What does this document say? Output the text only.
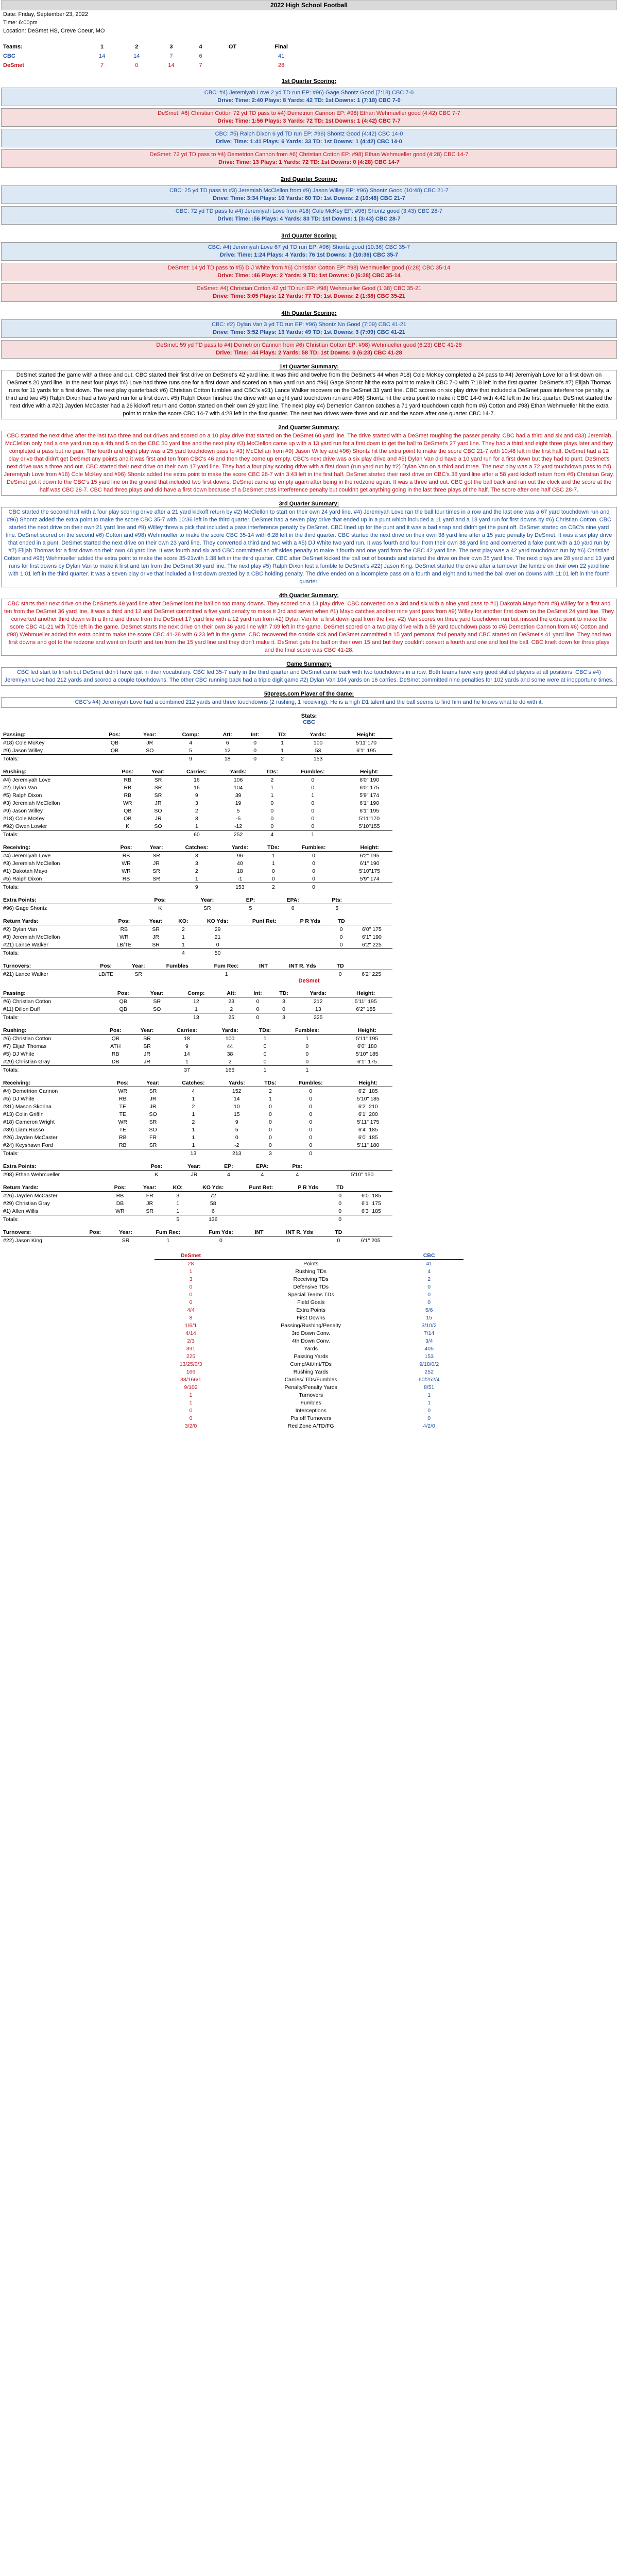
2022 High School Football
Date: Friday, September 23, 2022
Time: 6:00pm
Location: DeSmet HS, Creve Coeur, MO
Teams:	1	2	3	4	OT	Final
CBC	14	14	7	6		41
DeSmet	7	0	14	7		28
1st Quarter Scoring:
CBC: #4) Jeremiyah Love 2 yd TD run EP: #96) Gage Shontz Good (7:18) CBC 7-0
Drive: Time: 2:40 Plays: 8 Yards: 42 TD: 1st Downs: 1 (7:18) CBC 7-0
DeSmet: #6) Christian Cotton 72 yd TD pass to #4) Demetrion Cannon EP: #98) Ethan Wehmueller good (4:42) CBC 7-7
Drive: Time: 1:56 Plays: 3 Yards: 72 TD: 1st Downs: 1 (4:42) CBC 7-7
CBC: #5) Ralph Dixon 6 yd TD run EP: #96) Shontz Good (4:42) CBC 14-0
Drive: Time: 1:41 Plays: 6 Yards: 33 TD: 1st Downs: 1 (4:42) CBC 14-0
DeSmet: 72 yd TD pass to #4) Demetrion Cannon from #6) Christian Cotton EP: #98) Ethan Wehmueller good (4:28) CBC 14-7
Drive: Time: 13 Plays: 1 Yards: 72 TD: 1st Downs: 0 (4:28) CBC 14-7
2nd Quarter Scoring:
CBC: 25 yd TD pass to #3) Jeremiah McClellon from #9) Jason Willey EP: #96) Shontz Good (10:48) CBC 21-7
Drive: Time: 3:34 Plays: 10 Yards: 60 TD: 1st Downs: 2 (10:48) CBC 21-7
CBC: 72 yd TD pass to #4) Jeremiyah Love from #18) Cole McKey EP: #96) Shontz good (3:43) CBC 28-7
Drive: Time: :56 Plays: 4 Yards: 83 TD: 1st Downs: 1 (3:43) CBC 28-7
3rd Quarter Scoring:
CBC: #4) Jeremiyah Love 67 yd TD run EP: #96) Shontz good (10:36) CBC 35-7
Drive: Time: 1:24 Plays: 4 Yards: 76 1st Downs: 3 (10:36) CBC 35-7
DeSmet: 14 yd TD pass to #5) D J White from #6) Christian Cotton EP: #98) Wehmueller good (6:28) CBC 35-14
Drive: Time: :46 Plays: 2 Yards: 9 TD: 1st Downs: 0 (6:28) CBC 35-14
DeSmet: #4) Christian Cotton 42 yd TD run EP: #98) Wehmueller Good (1:38) CBC 35-21
Drive: Time: 3:05 Plays: 12 Yards: 77 TD: 1st Downs: 2 (1:38) CBC 35-21
4th Quarter Scoring:
CBC: #2) Dylan Van 3 yd TD run EP: #96) Shontz No Good (7:09) CBC 41-21
Drive: Time: 3:52 Plays: 13 Yards: 49 TD: 1st Downs: 3 (7:09) CBC 41-21
DeSmet: 59 yd TD pass to #4) Demetrion Cannon from #6) Christian Cotton EP: #98) Wehmueller good (6:23) CBC 41-28
Drive: Time: :44 Plays: 2 Yards: 58 TD: 1st Downs: 0 (6:23) CBC 41-28
1st Quarter Summary:
DeSmet started the game with a three and out. CBC started their first drive on DeSmet's 42 yard line. It was third and twelve from the DeSmet's 44 when #18) Cole McKey completed a 24 pass to #4) Jeremiyah Love for a first down on DeSmet's 20 yard line. In the next four plays #4) Love had three runs one for a first down and scored on a two yard run and #96) Gage Shontz hit the extra point to make it CBC 7-0 with 7:18 left in the first quarter. DeSmet's #7) Elijah Thomas runs for 11 yards for a first down. The next play quarterback #6) Christian Cotton fumbles and CBC's #21) Lance Walker recovers on the DeSmet 33 yard line. CBC scores on six play drive that included a DeSmet pass interference penalty, a third and two #5) Ralph Dixon had a two yard run for a first down. #5) Ralph Dixon finished the drive with an eight yard touchdown run and #96) Shontz hit the extra point to make it CBC 14-0 with 4:42 left in the first quarter. DeSmet started the next drive with a #20) Jayden McCaster had a 26 kickoff return and Cotton started on their own 29 yard line. The next play #4) Demetrion Cannon catches a 71 yard touchdown catch from #6) Cotton and #98) Ethan Wehmueller hit the extra point to make the score CBC 14-7 with 4:28 left in the first quarter. The next two drives were three and out and the score after one quarter CBC 14-7.
2nd Quarter Summary:
CBC started the next drive after the last two three and out drives and scored on a 10 play drive that started on the DeSmet 60 yard line. The drive started with a DeSmet roughing the passer penalty. CBC had a third and six and #33) Jeremiah McClellon only had a one yard run on a 4th and 5 on the CBC 50 yard line and the next play #3) McClellon came up with a 13 yard run for a first down to get the ball to DeSmet's 27 yard line. They had a third and eight three plays later and they completed a pass but no gain. The fourth and eight play was a 25 yard touchdown pass to #3) McClellan from #9) Jason Willey and #96) Shontz hit the extra point to make the score CBC 21-7 with 10:48 left in the first half. DeSmet had a 12 play drive that didn't get DeSmet any points and it was first and ten from CBC's 46 and then they come up empty. CBC's next drive was a six play drive and #5) Dylan Van did have a 10 yard run for a first down but they had to punt. DeSmet's next drive was a three and out. CBC started their next drive on their own 17 yard line. They had a four play scoring drive with a first down (run yard run by #2) Dylan Van on a third and three. The next play was a 72 yard touchdown pass to #4) Jeremiyah Love from #18) Cole McKey and #96) Shontz added the extra point to make the score CBC 28-7 with 3:43 left in the first half. DeSmet started their next drive on CBC's 38 yard line after a 58 yard kickoff return from #6) Christian Gray. DeSmet got it down to the CBC's 15 yard line on the ground that included two first downs. DeSmet came up empty again after being in the redzone again. It was a three and out. CBC got the ball back and ran out the clock and the score at the half was CBC 28-7. CBC had three plays and did have a first down because of a DeSmet pass interference penalty but couldn't get anything going in the last three plays of the half. The score after one half CBC 28-7.
3rd Quarter Summary:
CBC started the second half with a four play scoring drive after a 21 yard kickoff return by #2) McClellon to start on their own 24 yard line. #4) Jeremiyah Love ran the ball four times in a row and the last one was a 67 yard touchdown run and #96) Shontz added the extra point to make the score CBC 35-7 with 10:36 left in the third quarter. DeSmet had a seven play drive that ended up in a punt which included a 11 yard and a 18 yard run for first downs by #6) Christian Cotton. CBC started the next drive on their own 21 yard line and #9) Willey threw a pick that included a pass interference penalty by DeSmet. CBC lined up for the punt and it was a bad snap and didn't get the punt off. DeSmet started on CBC's nine yard line. DeSmet scored on the second #6) Cotton and #98) Wehmueller to make the score CBC 35-14 with 6:28 left in the third quarter. CBC started the next drive on their own 38 yard line after a 15 yard penalty by DeSmet. It was a six play drive that ended in a punt. DeSmet started the next drive on their own 23 yard line. They converted a third and two with a #5) DJ White two yard run. It was fourth and four from their own 38 yard line and converted a fake punt with a 10 yard run by #7) Elijah Thomas for a first down on their own 48 yard line. It was fourth and six and CBC committed an off sides penalty to make it fourth and one yard from the CBC 42 yard line. The next play was a 42 yard touchdown run by #6) Christian Cotton and #98) Wehmueller added the extra point to make the score 35-21with 1:38 left in the third quarter. CBC after DeSmet kicked the ball out of bounds and started the drive on their own 35 yard line. The next plays are 28 yard and 13 yard runs for first downs by Dylan Van to make it first and ten from the DeSmet 30 yard line. The next play #5) Ralph Dixon lost a fumble to DeSmet's #22) Jason King. DeSmet started the drive after a turnover the fumble on their own 22 yard line with 1:01 left in the third quarter. It was a seven play drive that included a first down created by a CBC holding penalty. The drive ended on a incomplete pass on a fourth and eight and turned the ball over on downs with 11:01 left in the fourth quarter.
4th Quarter Summary:
CBC starts their next drive on the DeSmet's 49 yard line after DeSmet lost the ball on too many downs. They scored on a 13 play drive. CBC converted on a 3rd and six with a nine yard pass to #1) Dakotah Mayo from #9) Willey for a first and ten from the DeSmet 36 yard line. It was a third and 12 and DeSmet committed a five yard penalty to make it 3rd and seven when #1) Mayo catches another nine yard pass from #9) Willey for another first down on the DeSmet 24 yard line. They converted another third down with a third and three from the DeSmet 17 yard line with a 12 yard run from #2) Dylan Van for a first down goal from the five. #2) Van scores on three yard touchdown run but missed the extra point to make the score CBC 41-21 with 7:09 left in the game. DeSmet starts the next drive on their own 36 yard line with 7:09 left in the game. DeSmet scored on a two play drive with a 59 yard touchdown pass to #6) Demetrion Cannon from #6) Cotton and #98) Wehmueller added the extra point to make the score CBC 41-28 with 6:23 left in the game. CBC recovered the onside kick and DeSmet committed a 15 yard personal foul penalty and CBC started on DeSmet's 41 yard line. They had two first downs and got to the redzone and went on fourth and ten from the 15 yard line and they didn't make it. DeSmet gets the ball on their own 15 and but they couldn't convert a fourth and one and lost the ball. CBC knelt down for three plays and the final score was CBC 41-28.
Game Summary:
CBC led start to finish but DeSmet didn't have quit in their vocabulary. CBC led 35-7 early in the third quarter and DeSmet came back with two touchdowns in a row. Both teams have very good skilled players at all positions. CBC's #4) Jeremiyah Love had 212 yards and scored a couple touchdowns. The other CBC running back had a triple digit game #2) Dylan Van 104 yards on 16 carries. DeSmet committed nine penalties for 102 yards and some were at inopportune times.
50preps.com Player of the Game:
CBC's #4) Jeremiyah Love had a combined 212 yards and three touchdowns (2 rushing, 1 receiving). He is a high D1 talent and the ball seems to find him and he knows what to do with it.
Stats:
CBC
Passing:	Pos:	Year:	Comp:	Att:	Int:	TD:	Yards:	Height:
#18) Cole McKey	QB	JR	4	6	0	1	100	5'11"170
#9) Jason Willey	QB	SO	5	12	0	1	53	6'1" 195
Totals:			9	18	0	2	153	
Rushing:	Pos:	Year:	Carries:	Yards:	TDs:	Fumbles:		Height:
#4) Jeremiyah Love	RB	SR	16	106	2	0		6'0" 190
#2) Dylan Van	RB	SR	16	104	1	0		6'0" 175
#5) Ralph Dixon	RB	SR	9	39	1	1		5'9" 174
#3) Jeremiah McClellon	WR	JR	3	19	0	0		6'1" 190
#9) Jason Willey	QB	SO	2	5	0	0		6'1" 195
#18) Cole McKey	QB	JR	3	-5	0	0		5'11"170
#92) Owen Lowler	K	SO	1	-12	0	0		5'10"155
Totals:			60	252	4	1		
Receiving:	Pos:	Year:	Catches:	Yards:	TDs:	Fumbles:		Height:
#4) Jeremiyah Love	RB	SR	3	96	1	0		6'2" 195
#3) Jeremiah McClellon	WR	JR	3	40	1	0		6'1" 190
#1) Dakotah Mayo	WR	SR	2	18	0	0		5'10"175
#5) Ralph Dixon	RB	SR	1	-1	0	0		5'9" 174
Totals:			9	153	2	0		
Extra Points:	Pos:	Year:	EP:	EPA:	Pts:			
#96) Gage Shontz	K	SR	5	6	5			
Return Yards:	Pos:	Year:	KO:	KO Yds:	Punt Ret:	P R Yds	TD	
#2) Dylan Van	RB	SR	2	29			0	6'0" 175
#3) Jeremiah McClellon	WR	JR	1	21			0	6'1" 190
#21) Lance Walker	LB/TE	SR	1	0			0	6'2" 225
Totals:			4	50				
Turnovers:	Pos:	Year:	Fumbles	Fum Rec:	INT	INT R. Yds	TD	
#21) Lance Walker	LB/TE	SR		1			0	6'2" 225
DeSmet
Passing:	Pos:	Year:	Comp:	Att:	Int:	TD:	Yards:	Height:
#6) Christian Cotton	QB	SR	12	23	0	3	212	5'11" 195
#11) Dillon Duff	QB	SO	1	2	0	0	13	6'2" 185
Totals:			13	25	0	3	225	
Rushing:	Pos:	Year:	Carries:	Yards:	TDs:	Fumbles:		Height:
#6) Christian Cotton	QB	SR	18	100	1	1		5'11" 195
#7) Elijah Thomas	ATH	SR	9	44	0	0		6'0" 180
#5) DJ White	RB	JR	14	38	0	0		5'10" 185
#29) Christian Gray	DB	JR	1	2	0	0		6'1" 175
Totals:			37	166	1	1		
Receiving:	Pos:	Year:	Catches:	Yards:	TDs:	Fumbles:		Height:
#4) Demetrion Cannon	WR	SR	4	152	2	0		6'2" 185
#5) DJ White	RB	JR	1	14	1	0		5'10" 185
#81) Mason Skorina	TE	JR	2	10	0	0		6'2" 210
#13) Colin Griffin	TE	SO	1	15	0	0		6'1" 200
#18) Cameron Wright	WR	SR	2	9	0	0		5'11" 175
#89) Liam Russo	TE	SO	1	5	0	0		6'4" 185
#26) Jayden McCaster	RB	FR	1	0	0	0		6'0" 185
#24) Keyshawn Ford	RB	SR	1	-2	0	0		5'11" 180
Totals:			13	213	3	0		
Extra Points:	Pos:	Year:	EP:	EPA:	Pts:			
#98) Ethan Wehmueller	K	JR	4	4	4			5'10" 150
Return Yards:	Pos:	Year:	KO:	KO Yds:	Punt Ret:	P R Yds	TD	
#26) Jayden McCaster	RB	FR	3	72			0	6'0" 185
#29) Christian Gray	DB	JR	1	58			0	6'1" 175
#1) Allen Willis	WR	SR	1	6			0	6'3" 185
Totals:			5	136			0	
Turnovers:	Pos:	Year:	Fum Rec:	Fum Yds:	INT	INT R. Yds	TD	
#22) Jason King		SR	1	0			0	6'1" 205
DeSmet		CBC
28	Points	41
1	Rushing TDs	4
3	Receiving TDs	2
0	Defensive TDs	0
0	Special Teams TDs	0
0	Field Goals	0
4/4	Extra Points	5/6
8	First Downs	15
1/6/1	Passing/Rushing/Penalty	3/10/2
4/14	3rd Down Conv.	7/14
2/3	4th Down Conv.	3/4
391	Yards	405
225	Passing Yards	153
13/25/0/3	Comp/Att/Int/TDs	9/18/0/2
166	Rushing Yards	252
38/166/1	Carries/ TDs/Fumbles	60/252/4
9/102	Penalty/Penalty Yards	8/51
1	Turnovers	1
1	Fumbles	1
0	Interceptions	0
0	Pts off Turnovers	0
3/2/0	Red Zone A/TD/FG	4/2/0
